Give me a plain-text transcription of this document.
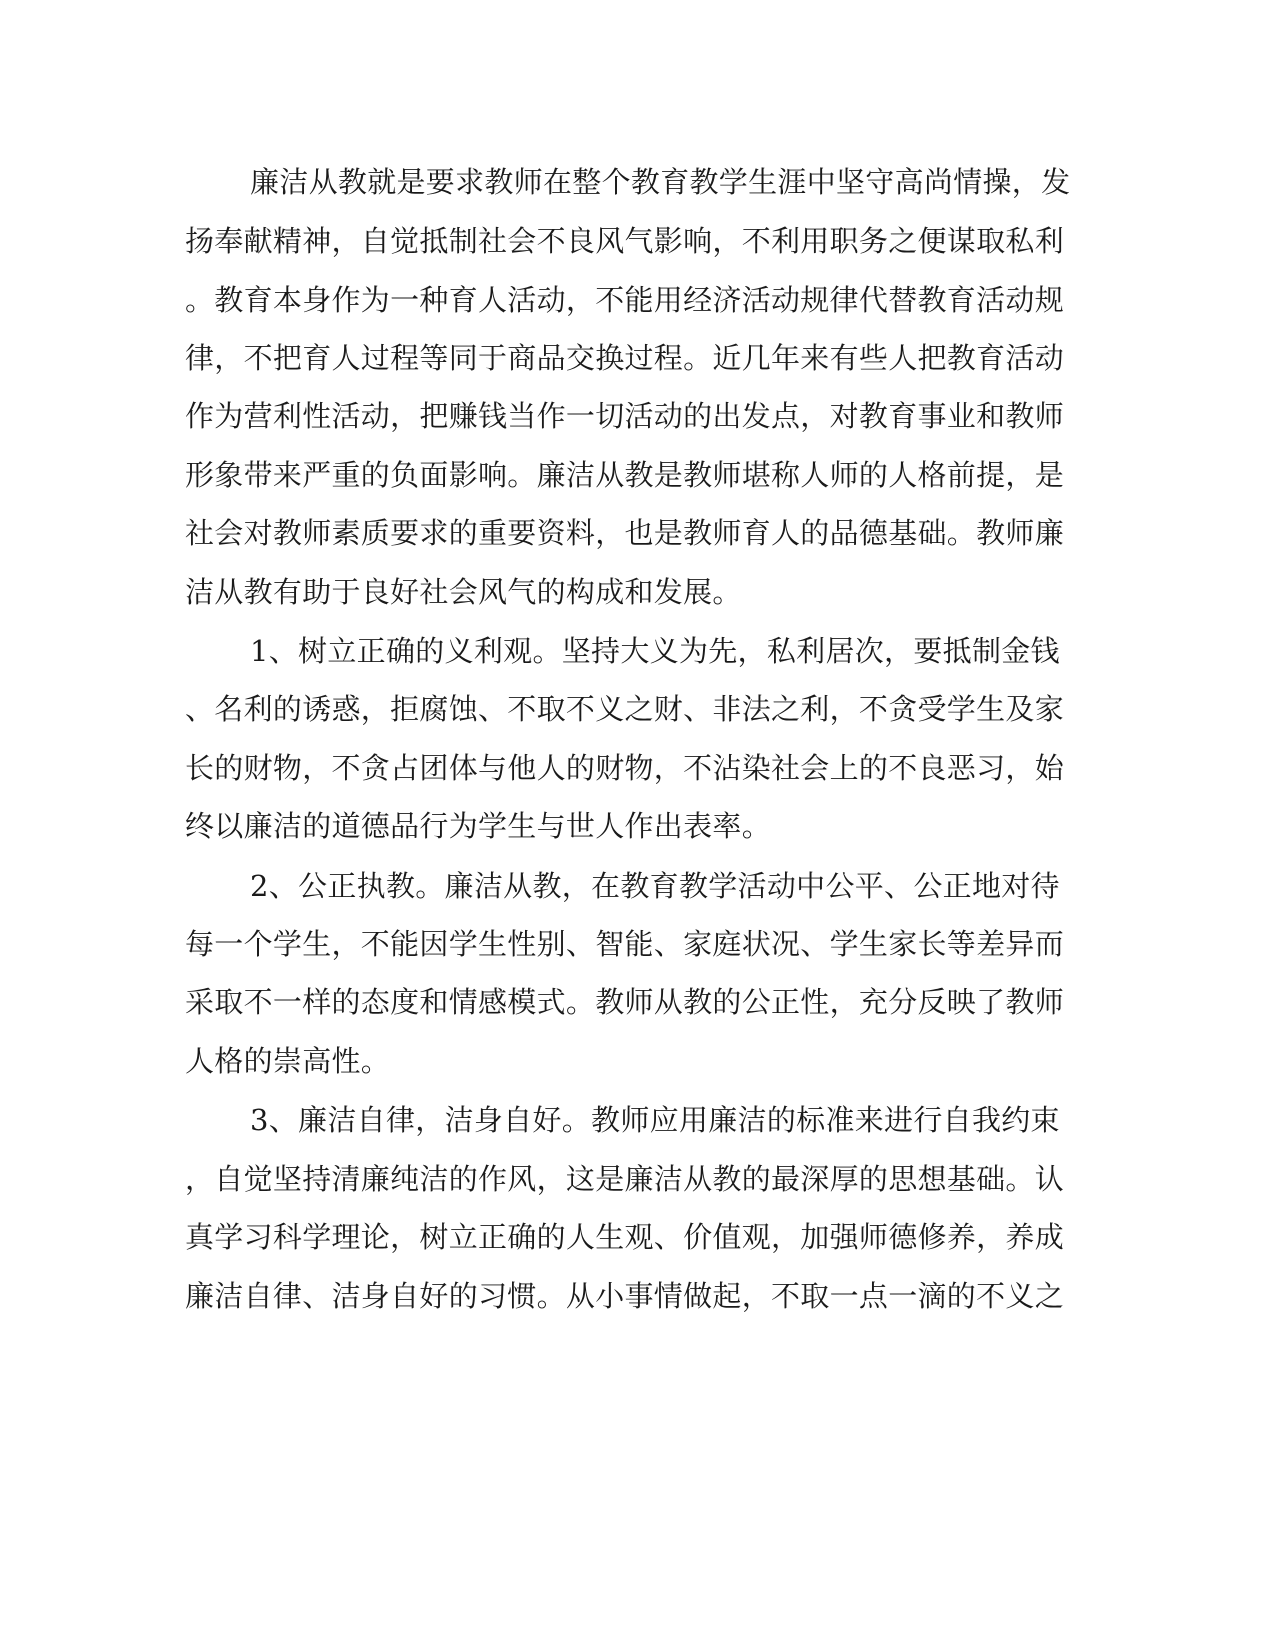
廉洁从教就是要求教师在整个教育教学生涯中坚守高尚情操，发
扬奉献精神，自觉抵制社会不良风气影响，不利用职务之便谋取私利
。教育本身作为一种育人活动，不能用经济活动规律代替教育活动规
律，不把育人过程等同于商品交换过程。近几年来有些人把教育活动
作为营利性活动，把赚钱当作一切活动的出发点，对教育事业和教师
形象带来严重的负面影响。廉洁从教是教师堪称人师的人格前提，是
社会对教师素质要求的重要资料，也是教师育人的品德基础。教师廉
洁从教有助于良好社会风气的构成和发展。
1、树立正确的义利观。坚持大义为先，私利居次，要抵制金钱
、名利的诱惑，拒腐蚀、不取不义之财、非法之利，不贪受学生及家
长的财物，不贪占团体与他人的财物，不沾染社会上的不良恶习，始
终以廉洁的道德品行为学生与世人作出表率。
2、公正执教。廉洁从教，在教育教学活动中公平、公正地对待
每一个学生，不能因学生性别、智能、家庭状况、学生家长等差异而
采取不一样的态度和情感模式。教师从教的公正性，充分反映了教师
人格的崇高性。
3、廉洁自律，洁身自好。教师应用廉洁的标准来进行自我约束
，自觉坚持清廉纯洁的作风，这是廉洁从教的最深厚的思想基础。认
真学习科学理论，树立正确的人生观、价值观，加强师德修养，养成
廉洁自律、洁身自好的习惯。从小事情做起，不取一点一滴的不义之
